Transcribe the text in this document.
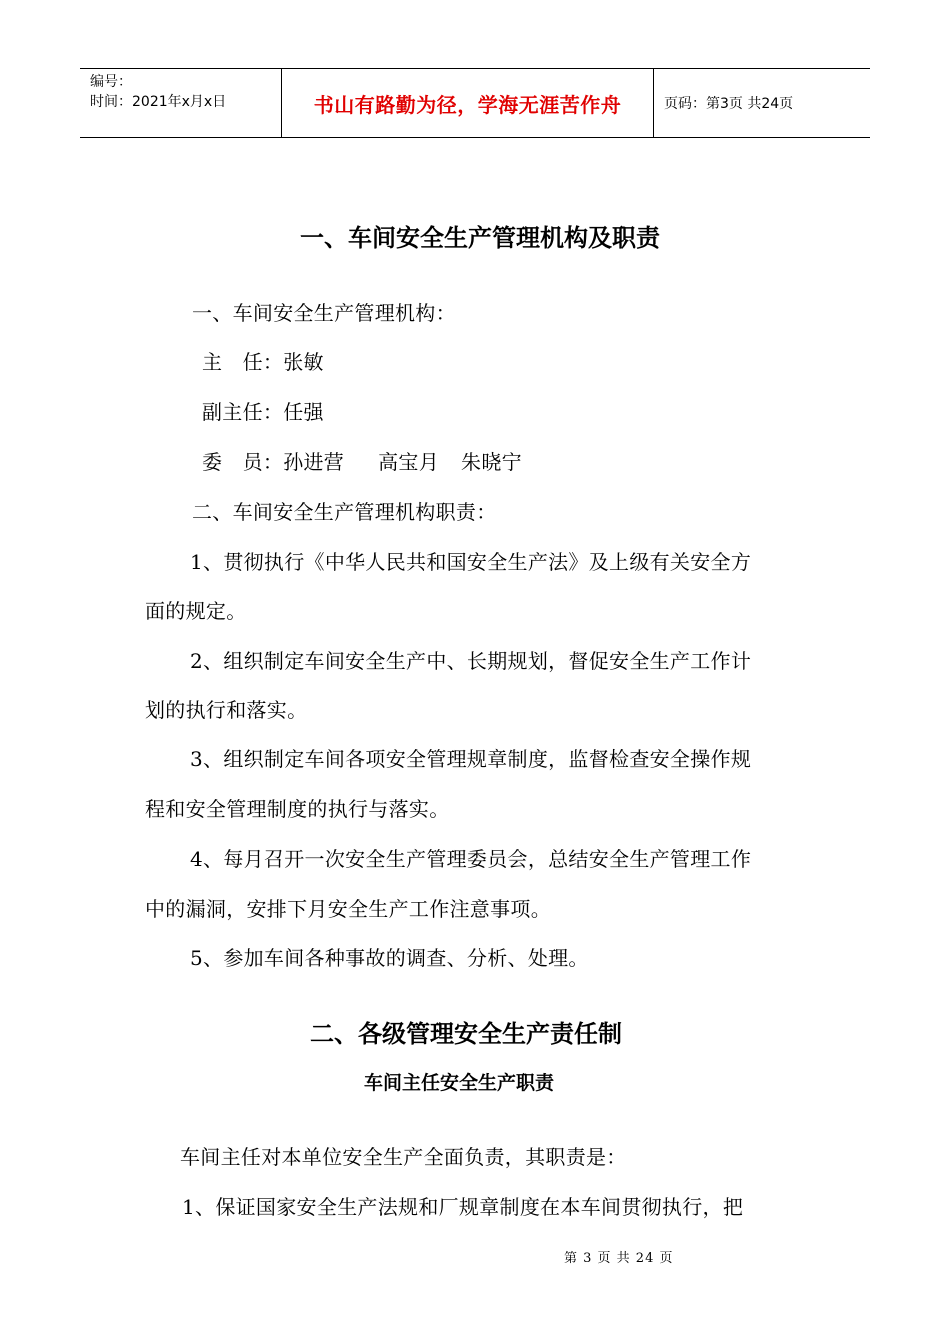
编号：
时间：2021年x月x日	书山有路勤为径，学海无涯苦作舟	页码：第3页 共24页
一、车间安全生产管理机构及职责
一、车间安全生产管理机构：
主　任：张敏
副主任：任强
委　员：孙进营 高宝月 朱晓宁
二、车间安全生产管理机构职责：
1、贯彻执行《中华人民共和国安全生产法》及上级有关安全方
面的规定。
2、组织制定车间安全生产中、长期规划，督促安全生产工作计
划的执行和落实。
3、组织制定车间各项安全管理规章制度，监督检查安全操作规
程和安全管理制度的执行与落实。
4、每月召开一次安全生产管理委员会，总结安全生产管理工作
中的漏洞，安排下月安全生产工作注意事项。
5、参加车间各种事故的调查、分析、处理。
二、各级管理安全生产责任制
车间主任安全生产职责
车间主任对本单位安全生产全面负责，其职责是：
1、保证国家安全生产法规和厂规章制度在本车间贯彻执行，把
第 3 页 共 24 页
